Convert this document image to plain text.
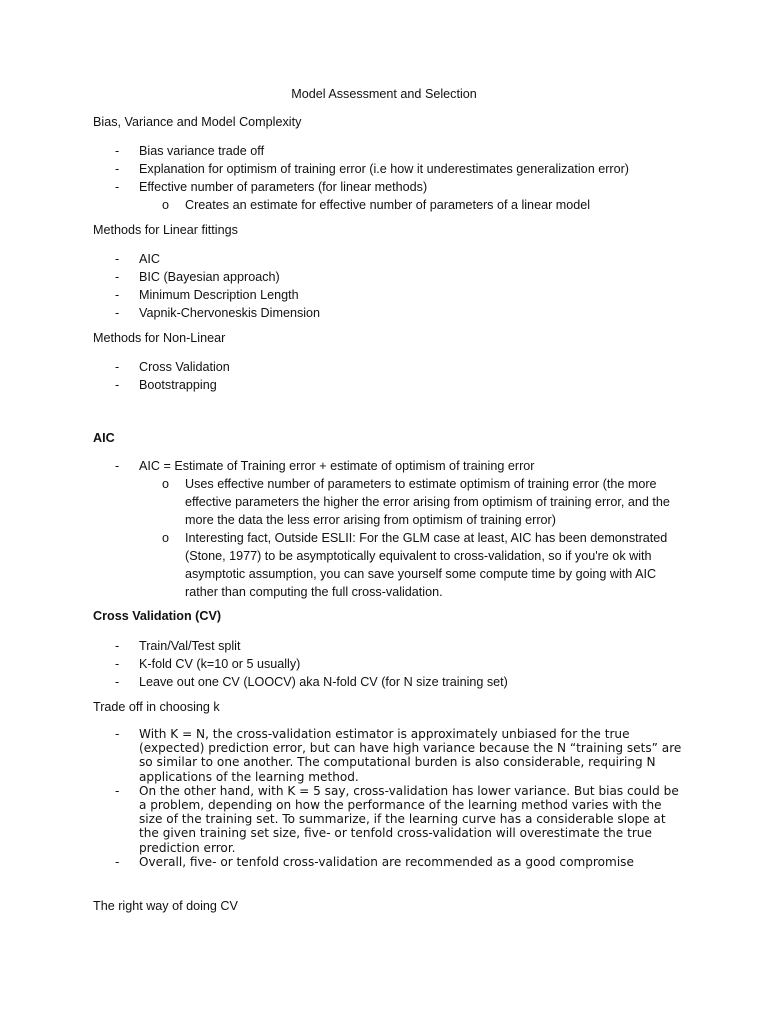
Model Assessment and Selection
Bias, Variance and Model Complexity
- Bias variance trade off
- Explanation for optimism of training error (i.e how it underestimates generalization error)
- Effective number of parameters (for linear methods)
o Creates an estimate for effective number of parameters of a linear model
Methods for Linear fittings
- AIC
- BIC (Bayesian approach)
- Minimum Description Length
- Vapnik-Chervoneskis Dimension
Methods for Non-Linear
- Cross Validation
- Bootstrapping
AIC
- AIC = Estimate of Training error + estimate of optimism of training error
o Uses effective number of parameters to estimate optimism of training error (the more effective parameters the higher the error arising from optimism of training error, and the more the data the less error arising from optimism of training error)
o Interesting fact, Outside ESLII: For the GLM case at least, AIC has been demonstrated (Stone, 1977) to be asymptotically equivalent to cross-validation, so if you're ok with asymptotic assumption, you can save yourself some compute time by going with AIC rather than computing the full cross-validation.
Cross Validation (CV)
- Train/Val/Test split
- K-fold CV (k=10 or 5 usually)
- Leave out one CV (LOOCV) aka N-fold CV (for N size training set)
Trade off in choosing k
- With K = N, the cross-validation estimator is approximately unbiased for the true (expected) prediction error, but can have high variance because the N “training sets” are so similar to one another. The computational burden is also considerable, requiring N applications of the learning method.
- On the other hand, with K = 5 say, cross-validation has lower variance. But bias could be a problem, depending on how the performance of the learning method varies with the size of the training set. To summarize, if the learning curve has a considerable slope at the given training set size, five- or tenfold cross-validation will overestimate the true prediction error.
- Overall, five- or tenfold cross-validation are recommended as a good compromise
The right way of doing CV
